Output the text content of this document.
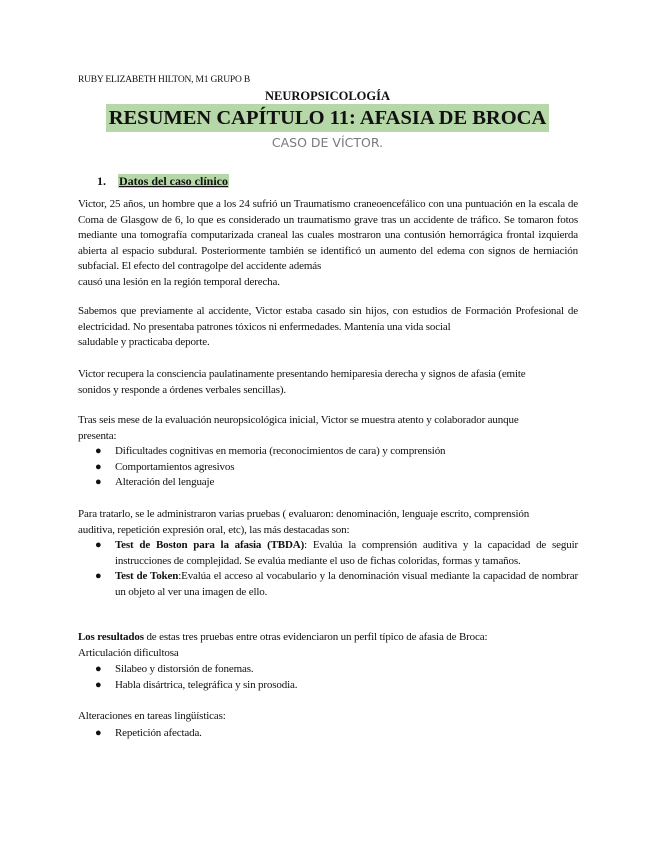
RUBY ELIZABETH HILTON, M1 GRUPO B
NEUROPSICOLOGÍA
RESUMEN CAPÍTULO 11: AFASIA DE BROCA
CASO DE VÍCTOR.
1. Datos del caso clínico
Victor, 25 años, un hombre que a los 24 sufrió un Traumatismo craneoencefálico con una puntuación en la escala de Coma de Glasgow de 6, lo que es considerado un traumatismo grave tras un accidente de tráfico. Se tomaron fotos mediante una tomografía computarizada craneal las cuales mostraron una contusión hemorrágica frontal izquierda abierta al espacio subdural. Posteriormente también se identificó un aumento del edema con signos de herniación subfacial. El efecto del contragolpe del accidente además
causó una lesión en la región temporal derecha.
Sabemos que previamente al accidente, Victor estaba casado sin hijos, con estudios de Formación Profesional de electricidad. No presentaba patrones tóxicos ni enfermedades. Mantenía una vida social
saludable y practicaba deporte.
Victor recupera la consciencia paulatinamente presentando hemiparesia derecha y signos de afasia (emite
sonidos y responde a órdenes verbales sencillas).
Tras seis mese de la evaluación neuropsicológica inicial, Victor se muestra atento y colaborador aunque
presenta:
● Dificultades cognitivas en memoria (reconocimientos de cara) y comprensión
● Comportamientos agresivos
● Alteración del lenguaje
Para tratarlo, se le administraron varias pruebas ( evaluaron: denominación, lenguaje escrito, comprensión
auditiva, repetición expresión oral, etc), las más destacadas son:
● Test de Boston para la afasia (TBDA): Evalúa la comprensión auditiva y la capacidad de seguir instrucciones de complejidad. Se evalúa mediante el uso de fichas coloridas, formas y tamaños.
● Test de Token:Evalúa el acceso al vocabulario y la denominación visual mediante la capacidad de nombrar un objeto al ver una imagen de ello.
Los resultados de estas tres pruebas entre otras evidenciaron un perfil típico de afasia de Broca:
Articulación dificultosa
● Silabeo y distorsión de fonemas.
● Habla disártrica, telegráfica y sin prosodia.
Alteraciones en tareas lingüísticas:
● Repetición afectada.
